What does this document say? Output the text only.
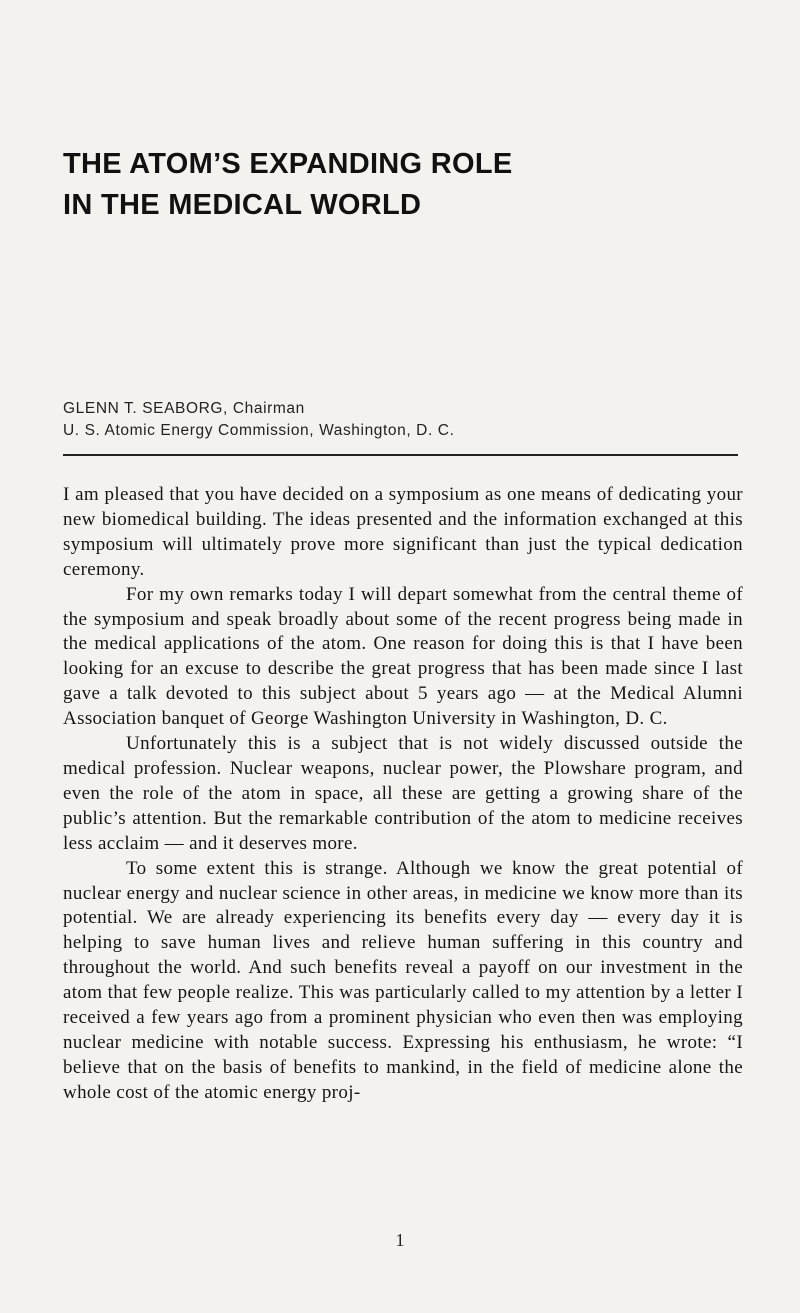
THE ATOM’S EXPANDING ROLE
IN THE MEDICAL WORLD
GLENN T. SEABORG, Chairman
U. S. Atomic Energy Commission, Washington, D. C.

I am pleased that you have decided on a symposium as one means of dedicating your new biomedical building. The ideas presented and the information exchanged at this symposium will ultimately prove more significant than just the typical dedication ceremony.

For my own remarks today I will depart somewhat from the central theme of the symposium and speak broadly about some of the recent progress being made in the medical applications of the atom. One reason for doing this is that I have been looking for an excuse to describe the great progress that has been made since I last gave a talk devoted to this subject about 5 years ago — at the Medical Alumni Association banquet of George Washington University in Washington, D. C.

Unfortunately this is a subject that is not widely discussed outside the medical profession. Nuclear weapons, nuclear power, the Plowshare program, and even the role of the atom in space, all these are getting a growing share of the public’s attention. But the remarkable contribution of the atom to medicine receives less acclaim — and it deserves more.

To some extent this is strange. Although we know the great potential of nuclear energy and nuclear science in other areas, in medicine we know more than its potential. We are already experiencing its benefits every day — every day it is helping to save human lives and relieve human suffering in this country and throughout the world. And such benefits reveal a payoff on our investment in the atom that few people realize. This was particularly called to my attention by a letter I received a few years ago from a prominent physician who even then was employing nuclear medicine with notable success. Expressing his enthusiasm, he wrote: “I believe that on the basis of benefits to mankind, in the field of medicine alone the whole cost of the atomic energy proj-

1
